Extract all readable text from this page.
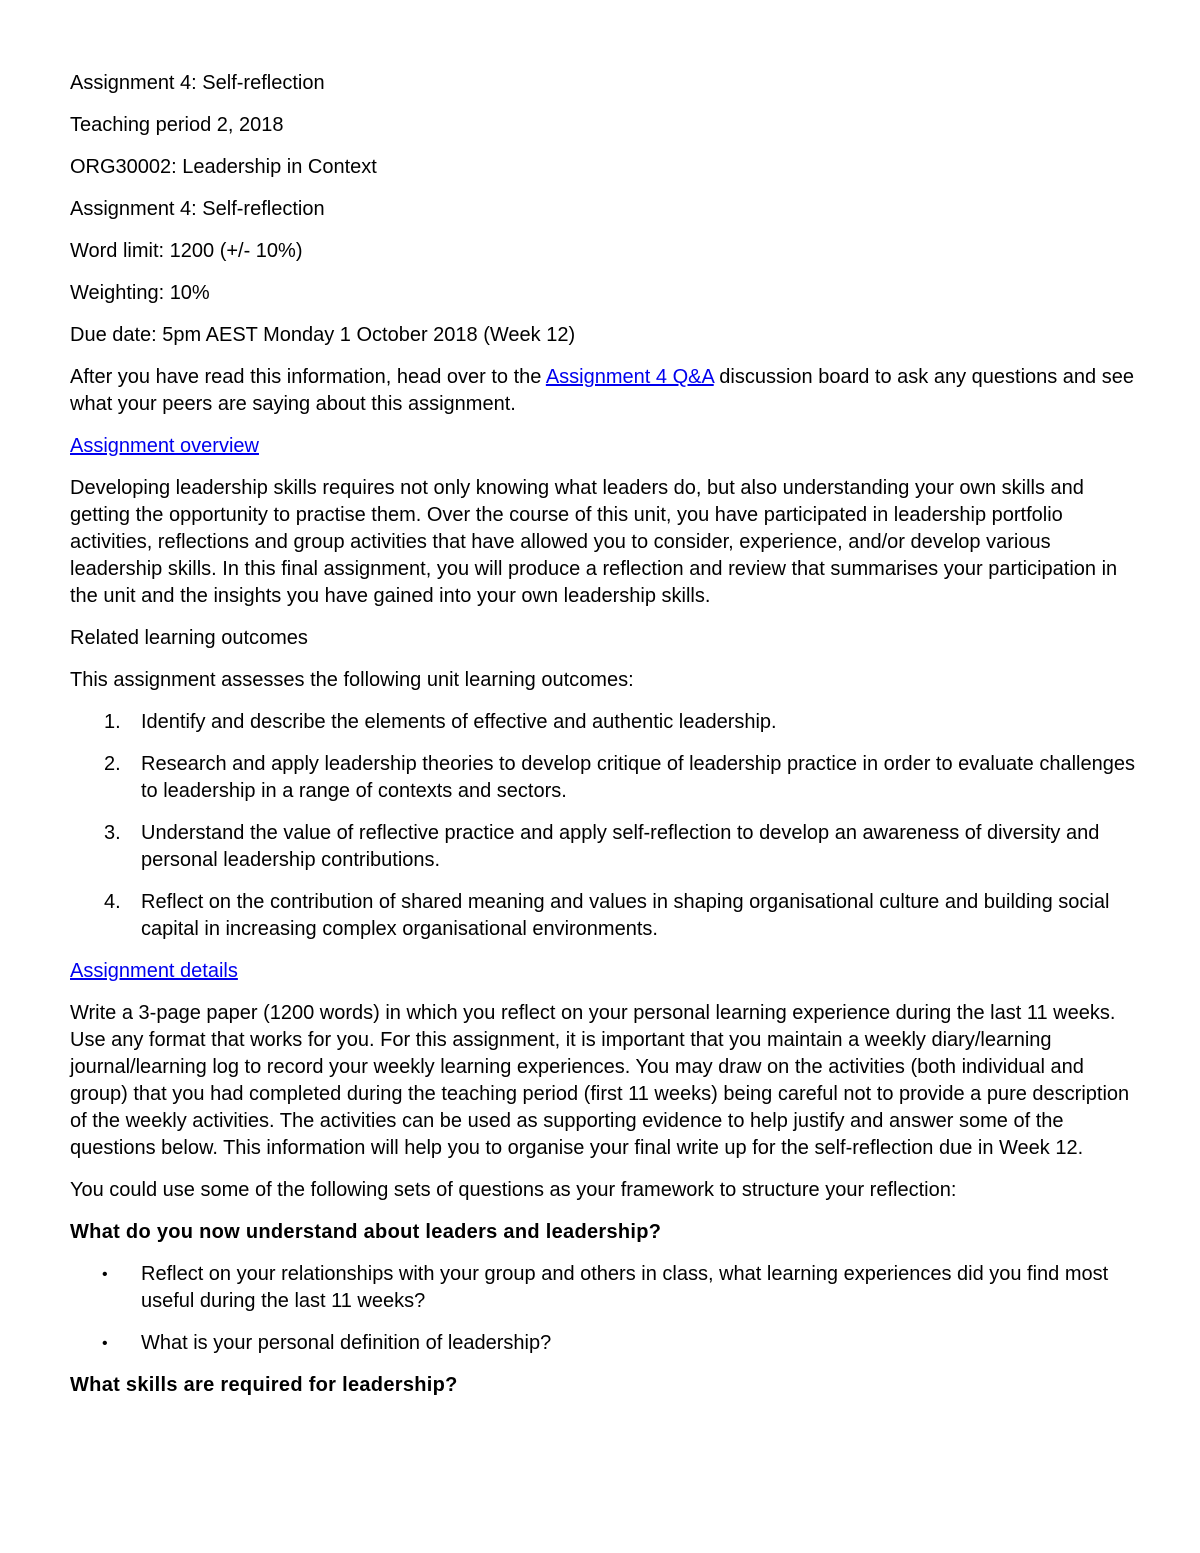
Assignment 4: Self-reflection

Teaching period 2, 2018

ORG30002: Leadership in Context

Assignment 4: Self-reflection

Word limit: 1200 (+/- 10%)

Weighting: 10%

Due date: 5pm AEST Monday 1 October 2018 (Week 12)

After you have read this information, head over to the Assignment 4 Q&A discussion board to ask any questions and see what your peers are saying about this assignment.

Assignment overview

Developing leadership skills requires not only knowing what leaders do, but also understanding your own skills and getting the opportunity to practise them. Over the course of this unit, you have participated in leadership portfolio activities, reflections and group activities that have allowed you to consider, experience, and/or develop various leadership skills. In this final assignment, you will produce a reflection and review that summarises your participation in the unit and the insights you have gained into your own leadership skills.

Related learning outcomes

This assignment assesses the following unit learning outcomes:

1. Identify and describe the elements of effective and authentic leadership.
2. Research and apply leadership theories to develop critique of leadership practice in order to evaluate challenges to leadership in a range of contexts and sectors.
3. Understand the value of reflective practice and apply self-reflection to develop an awareness of diversity and personal leadership contributions.
4. Reflect on the contribution of shared meaning and values in shaping organisational culture and building social capital in increasing complex organisational environments.

Assignment details

Write a 3-page paper (1200 words) in which you reflect on your personal learning experience during the last 11 weeks. Use any format that works for you. For this assignment, it is important that you maintain a weekly diary/learning journal/learning log to record your weekly learning experiences. You may draw on the activities (both individual and group) that you had completed during the teaching period (first 11 weeks) being careful not to provide a pure description of the weekly activities. The activities can be used as supporting evidence to help justify and answer some of the questions below. This information will help you to organise your final write up for the self-reflection due in Week 12.

You could use some of the following sets of questions as your framework to structure your reflection:

What do you now understand about leaders and leadership?

• Reflect on your relationships with your group and others in class, what learning experiences did you find most useful during the last 11 weeks?
• What is your personal definition of leadership?

What skills are required for leadership?
